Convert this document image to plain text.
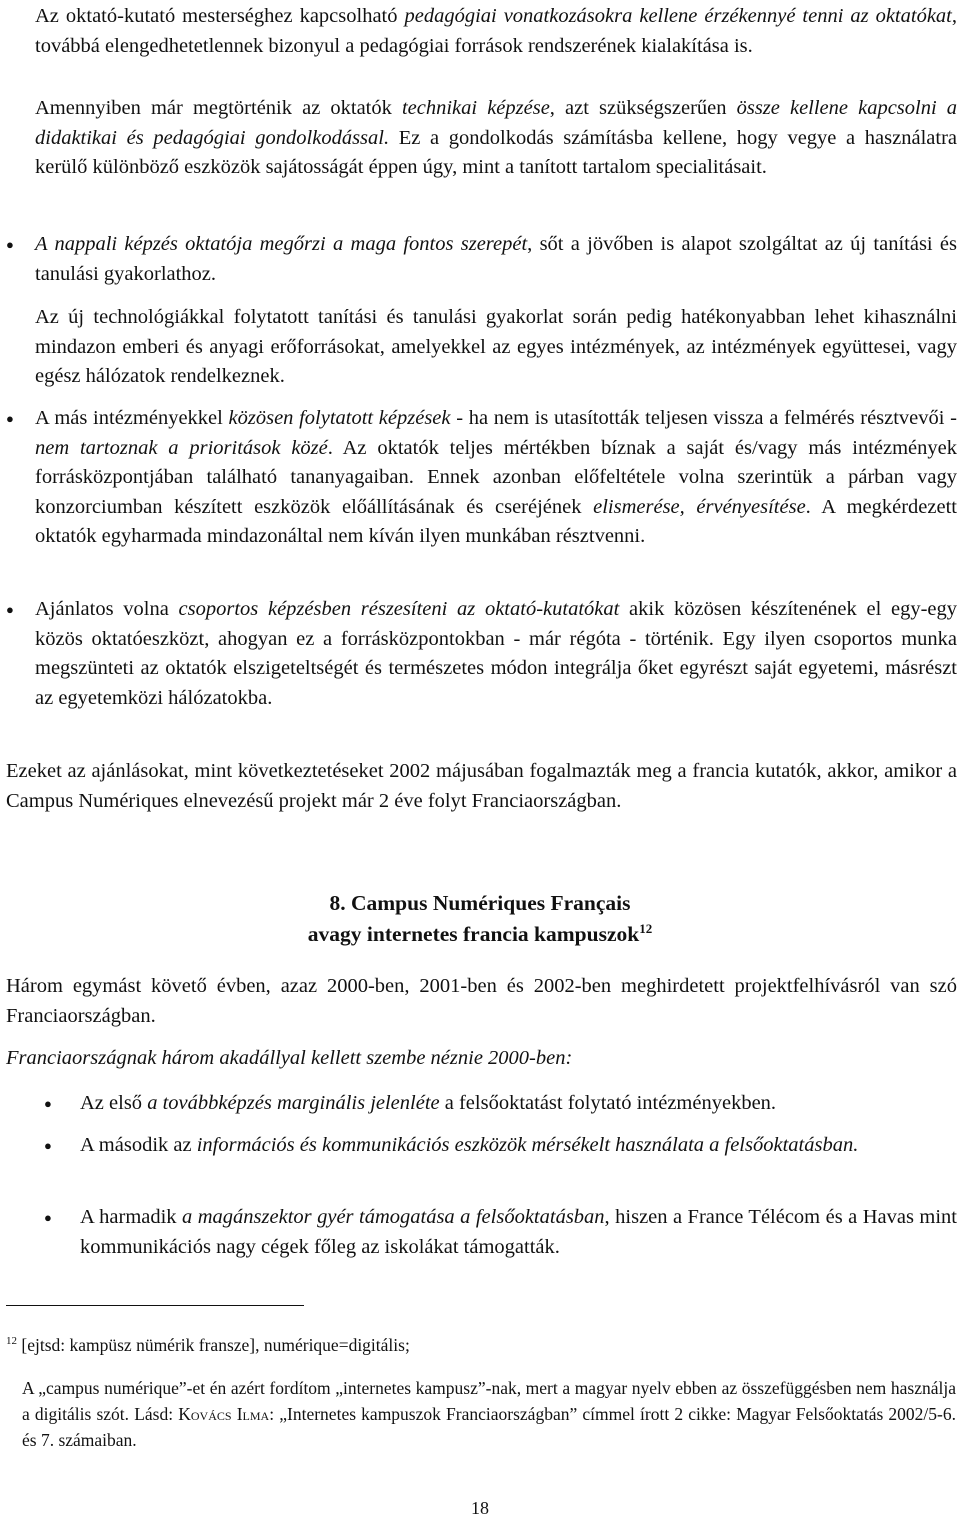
Az oktató-kutató mesterséghez kapcsolható pedagógiai vonatkozásokra kellene érzékennyé tenni az oktatókat, továbbá elengedhetetlennek bizonyul a pedagógiai források rendszerének kialakítása is.

Amennyiben már megtörténik az oktatók technikai képzése, azt szükségszerűen össze kellene kapcsolni a didaktikai és pedagógiai gondolkodással. Ez a gondolkodás számításba kellene, hogy vegye a használatra kerülő különböző eszközök sajátosságát éppen úgy, mint a tanított tartalom specialitásait.

● A nappali képzés oktatója megőrzi a maga fontos szerepét, sőt a jövőben is alapot szolgáltat az új tanítási és tanulási gyakorlathoz.

Az új technológiákkal folytatott tanítási és tanulási gyakorlat során pedig hatékonyabban lehet kihasználni mindazon emberi és anyagi erőforrásokat, amelyekkel az egyes intézmények, az intézmények együttesei, vagy egész hálózatok rendelkeznek.

● A más intézményekkel közösen folytatott képzések - ha nem is utasították teljesen vissza a felmérés résztvevői - nem tartoznak a prioritások közé. Az oktatók teljes mértékben bíznak a saját és/vagy más intézmények forrásközpontjában található tananyagaiban. Ennek azonban előfeltétele volna szerintük a párban vagy konzorciumban készített eszközök előállításának és cseréjének elismerése, érvényesítése. A megkérdezett oktatók egyharmada mindazonáltal nem kíván ilyen munkában résztvenni.

● Ajánlatos volna csoportos képzésben részesíteni az oktató-kutatókat akik közösen készítenének el egy-egy közös oktatóeszközt, ahogyan ez a forrásközpontokban - már régóta - történik. Egy ilyen csoportos munka megszünteti az oktatók elszigeteltségét és természetes módon integrálja őket egyrészt saját egyetemi, másrészt az egyetemközi hálózatokba.

Ezeket az ajánlásokat, mint következtetéseket 2002 májusában fogalmazták meg a francia kutatók, akkor, amikor a Campus Numériques elnevezésű projekt már 2 éve folyt Franciaországban.

8. Campus Numériques Français
avagy internetes francia kampuszok$^{12}$

Három egymást követő évben, azaz 2000-ben, 2001-ben és 2002-ben meghirdetett projektfelhívásról van szó Franciaországban.

Franciaországnak három akadállyal kellett szembe néznie 2000-ben:

● Az első a továbbképzés marginális jelenléte a felsőoktatást folytató intézményekben.

● A második az információs és kommunikációs eszközök mérsékelt használata a felsőoktatásban.

● A harmadik a magánszektor gyér támogatása a felsőoktatásban, hiszen a France Télécom és a Havas mint kommunikációs nagy cégek főleg az iskolákat támogatták.

$^{12}$ [ejtsd: kampüsz nümérik fransze], numérique=digitális;

A „campus numérique”-et én azért fordítom „internetes kampusz”-nak, mert a magyar nyelv ebben az összefüggésben nem használja a digitális szót. Lásd: Kovács Ilma: „Internetes kampuszok Franciaországban” címmel írott 2 cikke: Magyar Felsőoktatás 2002/5-6. és 7. számaiban.

18
